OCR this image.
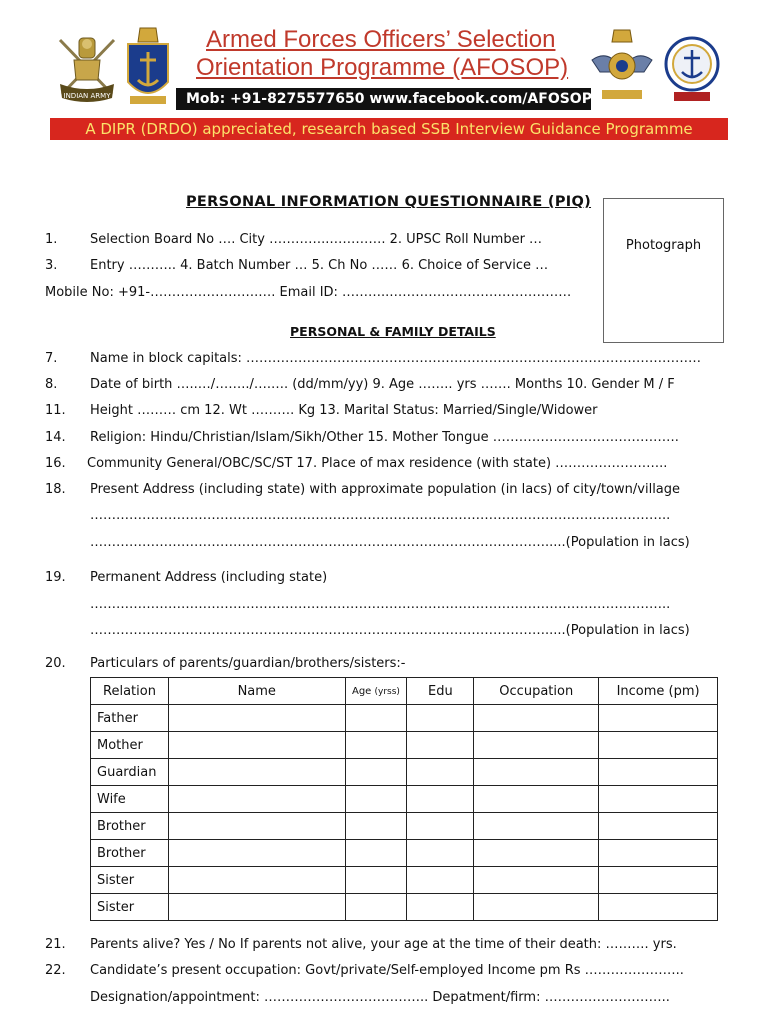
INDIAN ARMY
Armed Forces Officers’ Selection
Orientation Programme (AFOSOP)
Mob: +91-8275577650 www.facebook.com/AFOSOP
A DIPR (DRDO) appreciated, research based SSB Interview Guidance Programme
PERSONAL INFORMATION QUESTIONNAIRE (PIQ)
Photograph
1.	Selection Board No …. City …………..…………. 2. UPSC Roll Number …
3.	Entry ……….. 4. Batch Number … 5. Ch No …… 6. Choice of Service …
Mobile No: +91-…………………….…. Email ID: ………..……………………………………
PERSONAL & FAMILY DETAILS
7.	Name in block capitals: ……………………………………………………………………………………………
8.	Date of birth …..…/……../….…. (dd/mm/yy) 9. Age …….. yrs ……. Months 10. Gender M / F
11. Height ……… cm 12. Wt ………. Kg 13. Marital Status: Married/Single/Widower
14. Religion: Hindu/Christian/Islam/Sikh/Other 15. Mother Tongue …………………………………….
16. Community General/OBC/SC/ST 17. Place of max residence (with state) ……………………..
18. Present Address (including state) with approximate population (in lacs) of city/town/village
……………………………………………………………………………………………………………………..
…………………………………………………………………………………………….....(Population in lacs)
19. Permanent Address (including state)
……………………………………………………………………………………………………………………..
…………………………………………………………………………………………….....(Population in lacs)
20. Particulars of parents/guardian/brothers/sisters:-
Relation	Name	Age (yrss)	Edu	Occupation	Income (pm)
Father					
Mother					
Guardian					
Wife					
Brother					
Brother					
Sister					
Sister					
21. Parents alive? Yes / No If parents not alive, your age at the time of their death: ………. yrs.
22. Candidate’s present occupation: Govt/private/Self-employed Income pm Rs …………………..
Designation/appointment: ……………………………….. Depatment/firm: ………………………..
